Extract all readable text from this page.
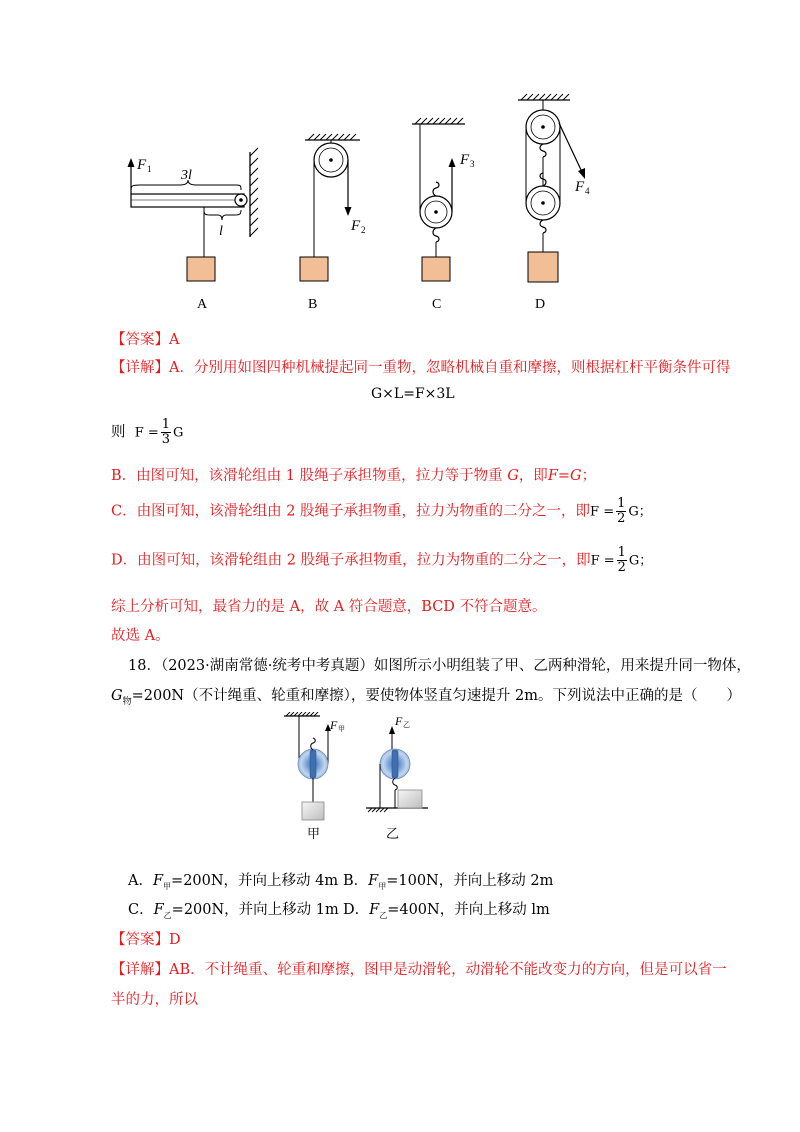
F 1 3l
l	F 2
F 3
F 4
A	B	C	D
【答案】A
【详解】A．分别用如图四种机械提起同一重物，忽略机械自重和摩擦，则根据杠杆平衡条件可得
G×L=F×3L
则 $F = \frac{1}{3}$ G
B．由图可知，该滑轮组由 1 股绳子承担物重，拉力等于物重 G，即F=G；
C．由图可知，该滑轮组由 2 股绳子承担物重，拉力为物重的二分之一，即$F = \frac{1}{2}$ G；
D．由图可知，该滑轮组由 2 股绳子承担物重，拉力为物重的二分之一，即$F = \frac{1}{2}$ G；
综上分析可知，最省力的是 A，故 A 符合题意，BCD 不符合题意。
故选 A。
18．（2023·湖南常德·统考中考真题）如图所示小明组装了甲、乙两种滑轮，用来提升同一物体，
$G_物=200N$（不计绳重、轮重和摩擦），要使物体竖直匀速提升 2m。下列说法中正确的是（　　）
F 甲
F 乙
甲	乙
A．$F_甲=200N$，并向上移动 4m B．$F_甲=100N$，并向上移动 2m
C．$F_乙=200N$，并向上移动 1m D．$F_乙=400N$，并向上移动 lm
【答案】D
【详解】AB．不计绳重、轮重和摩擦，图甲是动滑轮，动滑轮不能改变力的方向，但是可以省一
半的力，所以
